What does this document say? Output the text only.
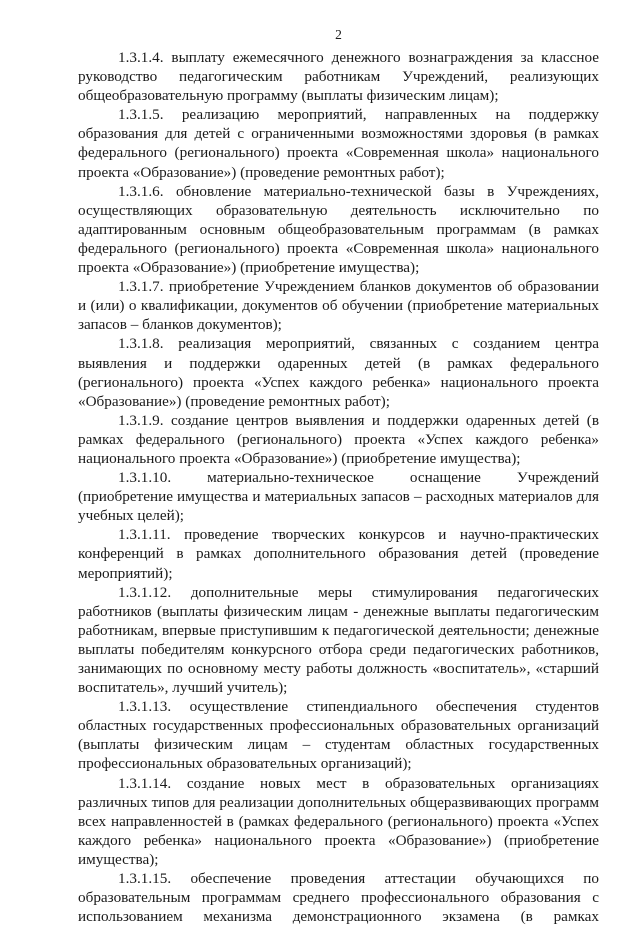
2

1.3.1.4. выплату ежемесячного денежного вознаграждения за классное руководство педагогическим работникам Учреждений, реализующих общеобразовательную программу (выплаты физическим лицам);

1.3.1.5. реализацию мероприятий, направленных на поддержку образования для детей с ограниченными возможностями здоровья (в рамках федерального (регионального) проекта «Современная школа» национального проекта «Образование») (проведение ремонтных работ);

1.3.1.6. обновление материально-технической базы в Учреждениях, осуществляющих образовательную деятельность исключительно по адаптированным основным общеобразовательным программам (в рамках федерального (регионального) проекта «Современная школа» национального проекта «Образование») (приобретение имущества);

1.3.1.7. приобретение Учреждением бланков документов об образовании и (или) о квалификации, документов об обучении (приобретение материальных запасов – бланков документов);

1.3.1.8. реализация мероприятий, связанных с созданием центра выявления и поддержки одаренных детей (в рамках федерального (регионального) проекта «Успех каждого ребенка» национального проекта «Образование») (проведение ремонтных работ);

1.3.1.9. создание центров выявления и поддержки одаренных детей (в рамках федерального (регионального) проекта «Успех каждого ребенка» национального проекта «Образование») (приобретение имущества);

1.3.1.10. материально-техническое оснащение Учреждений (приобретение имущества и материальных запасов – расходных материалов для учебных целей);

1.3.1.11. проведение творческих конкурсов и научно-практических конференций в рамках дополнительного образования детей (проведение мероприятий);

1.3.1.12. дополнительные меры стимулирования педагогических работников (выплаты физическим лицам - денежные выплаты педагогическим работникам, впервые приступившим к педагогической деятельности; денежные выплаты победителям конкурсного отбора среди педагогических работников, занимающих по основному месту работы должность «воспитатель», «старший воспитатель», лучший учитель);

1.3.1.13. осуществление стипендиального обеспечения студентов областных государственных профессиональных образовательных организаций (выплаты физическим лицам – студентам областных государственных профессиональных образовательных организаций);

1.3.1.14. создание новых мест в образовательных организациях различных типов для реализации дополнительных общеразвивающих программ всех направленностей в (рамках федерального (регионального) проекта «Успех каждого ребенка» национального проекта «Образование») (приобретение имущества);

1.3.1.15. обеспечение проведения аттестации обучающихся по образовательным программам среднего профессионального образования с использованием механизма демонстрационного экзамена (в рамках
